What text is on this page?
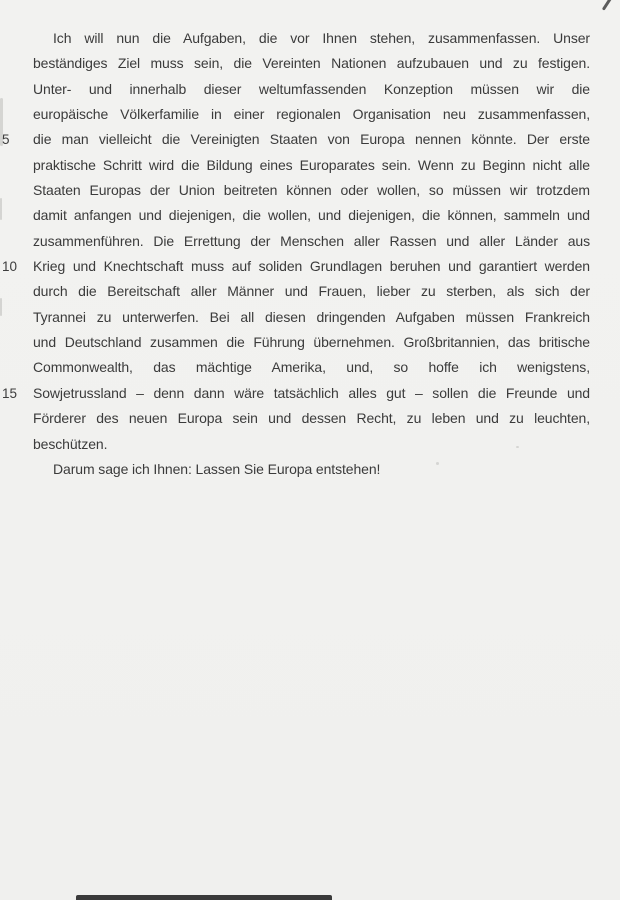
Ich will nun die Aufgaben, die vor Ihnen stehen, zusammenfassen. Unser
beständiges Ziel muss sein, die Vereinten Nationen aufzubauen und zu festigen.
Unter- und innerhalb dieser weltumfassenden Konzeption müssen wir die
europäische Völkerfamilie in einer regionalen Organisation neu zusammenfassen,
5	die man vielleicht die Vereinigten Staaten von Europa nennen könnte. Der erste
praktische Schritt wird die Bildung eines Europarates sein. Wenn zu Beginn nicht alle
Staaten Europas der Union beitreten können oder wollen, so müssen wir trotzdem
damit anfangen und diejenigen, die wollen, und diejenigen, die können, sammeln und
zusammenführen. Die Errettung der Menschen aller Rassen und aller Länder aus
10	Krieg und Knechtschaft muss auf soliden Grundlagen beruhen und garantiert werden
durch die Bereitschaft aller Männer und Frauen, lieber zu sterben, als sich der
Tyrannei zu unterwerfen. Bei all diesen dringenden Aufgaben müssen Frankreich
und Deutschland zusammen die Führung übernehmen. Großbritannien, das britische
Commonwealth, das mächtige Amerika, und, so hoffe ich wenigstens,
15	Sowjetrussland – denn dann wäre tatsächlich alles gut – sollen die Freunde und
Förderer des neuen Europa sein und dessen Recht, zu leben und zu leuchten,
beschützen.
Darum sage ich Ihnen: Lassen Sie Europa entstehen!
